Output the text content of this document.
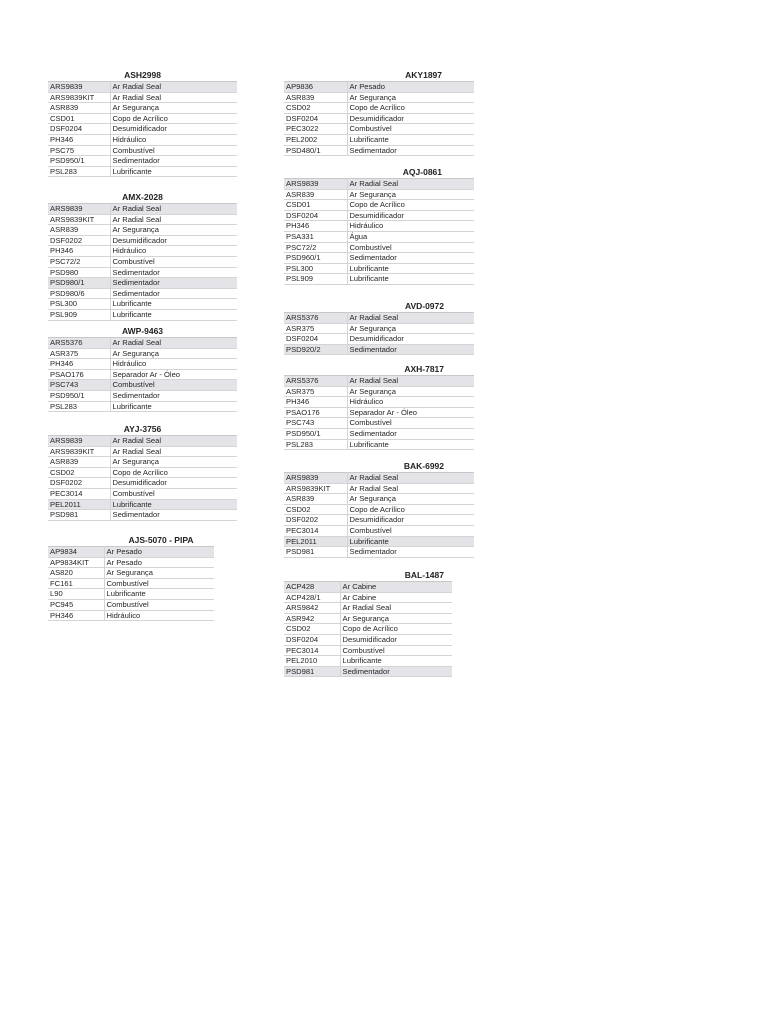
ASH2998
ARS9839	Ar Radial Seal
ARS9839KIT	Ar Radial Seal
ASR839	Ar Segurança
CSD01	Copo de Acrílico
DSF0204	Desumidificador
PH346	Hidráulico
PSC75	Combustível
PSD950/1	Sedimentador
PSL283	Lubrificante
AMX-2028
ARS9839	Ar Radial Seal
ARS9839KIT	Ar Radial Seal
ASR839	Ar Segurança
DSF0202	Desumidificador
PH346	Hidráulico
PSC72/2	Combustível
PSD980	Sedimentador
PSD980/1	Sedimentador
PSD980/6	Sedimentador
PSL300	Lubrificante
PSL909	Lubrificante
AWP-9463
ARS5376	Ar Radial Seal
ASR375	Ar Segurança
PH346	Hidráulico
PSAO176	Separador Ar - Óleo
PSC743	Combustível
PSD950/1	Sedimentador
PSL283	Lubrificante
AYJ-3756
ARS9839	Ar Radial Seal
ARS9839KIT	Ar Radial Seal
ASR839	Ar Segurança
CSD02	Copo de Acrílico
DSF0202	Desumidificador
PEC3014	Combustível
PEL2011	Lubrificante
PSD981	Sedimentador
AJS-5070 - PIPA
AP9834	Ar Pesado
AP9834KIT	Ar Pesado
AS820	Ar Segurança
FC161	Combustível
L90	Lubrificante
PC945	Combustível
PH346	Hidráulico
AKY1897
AP9836	Ar Pesado
ASR839	Ar Segurança
CSD02	Copo de Acrílico
DSF0204	Desumidificador
PEC3022	Combustível
PEL2002	Lubrificante
PSD480/1	Sedimentador
AQJ-0861
ARS9839	Ar Radial Seal
ASR839	Ar Segurança
CSD01	Copo de Acrílico
DSF0204	Desumidificador
PH346	Hidráulico
PSA331	Água
PSC72/2	Combustível
PSD960/1	Sedimentador
PSL300	Lubrificante
PSL909	Lubrificante
AVD-0972
ARS5376	Ar Radial Seal
ASR375	Ar Segurança
DSF0204	Desumidificador
PSD920/2	Sedimentador
AXH-7817
ARS5376	Ar Radial Seal
ASR375	Ar Segurança
PH346	Hidráulico
PSAO176	Separador Ar - Óleo
PSC743	Combustível
PSD950/1	Sedimentador
PSL283	Lubrificante
BAK-6992
ARS9839	Ar Radial Seal
ARS9839KIT	Ar Radial Seal
ASR839	Ar Segurança
CSD02	Copo de Acrílico
DSF0202	Desumidificador
PEC3014	Combustível
PEL2011	Lubrificante
PSD981	Sedimentador
BAL-1487
ACP428	Ar Cabine
ACP428/1	Ar Cabine
ARS9842	Ar Radial Seal
ASR942	Ar Segurança
CSD02	Copo de Acrílico
DSF0204	Desumidificador
PEC3014	Combustível
PEL2010	Lubrificante
PSD981	Sedimentador
